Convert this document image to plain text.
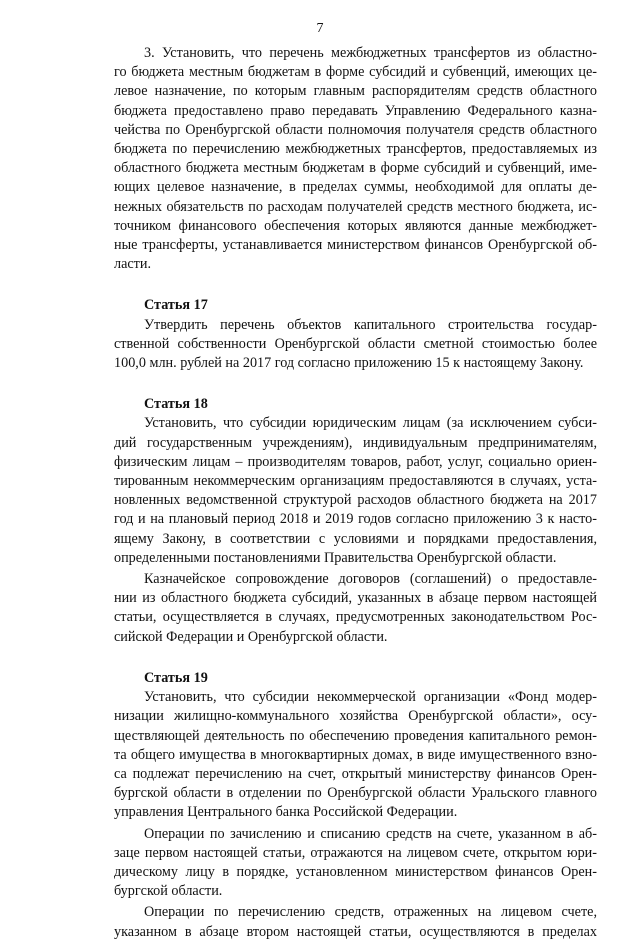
7

3. Установить, что перечень межбюджетных трансфертов из областно-
го бюджета местным бюджетам в форме субсидий и субвенций, имеющих це-
левое назначение, по которым главным распорядителям средств областного
бюджета предоставлено право передавать Управлению Федерального казна-
чейства по Оренбургской области полномочия получателя средств областного
бюджета по перечислению межбюджетных трансфертов, предоставляемых из
областного бюджета местным бюджетам в форме субсидий и субвенций, име-
ющих целевое назначение, в пределах суммы, необходимой для оплаты де-
нежных обязательств по расходам получателей средств местного бюджета, ис-
точником финансового обеспечения которых являются данные межбюджет-
ные трансферты, устанавливается министерством финансов Оренбургской об-
ласти.

Статья 17

Утвердить перечень объектов капитального строительства государ-
ственной собственности Оренбургской области сметной стоимостью более
100,0 млн. рублей на 2017 год согласно приложению 15 к настоящему Закону.

Статья 18

Установить, что субсидии юридическим лицам (за исключением субси-
дий государственным учреждениям), индивидуальным предпринимателям,
физическим лицам – производителям товаров, работ, услуг, социально ориен-
тированным некоммерческим организациям предоставляются в случаях, уста-
новленных ведомственной структурой расходов областного бюджета на 2017
год и на плановый период 2018 и 2019 годов согласно приложению 3 к насто-
ящему Закону, в соответствии с условиями и порядками предоставления,
определенными постановлениями Правительства Оренбургской области.

Казначейское сопровождение договоров (соглашений) о предоставле-
нии из областного бюджета субсидий, указанных в абзаце первом настоящей
статьи, осуществляется в случаях, предусмотренных законодательством Рос-
сийской Федерации и Оренбургской области.

Статья 19

Установить, что субсидии некоммерческой организации «Фонд модер-
низации жилищно-коммунального хозяйства Оренбургской области», осу-
ществляющей деятельность по обеспечению проведения капитального ремон-
та общего имущества в многоквартирных домах, в виде имущественного взно-
са подлежат перечислению на счет, открытый министерству финансов Орен-
бургской области в отделении по Оренбургской области Уральского главного
управления Центрального банка Российской Федерации.

Операции по зачислению и списанию средств на счете, указанном в аб-
заце первом настоящей статьи, отражаются на лицевом счете, открытом юри-
дическому лицу в порядке, установленном министерством финансов Орен-
бургской области.

Операции по перечислению средств, отраженных на лицевом счете,
указанном в абзаце втором настоящей статьи, осуществляются в пределах
